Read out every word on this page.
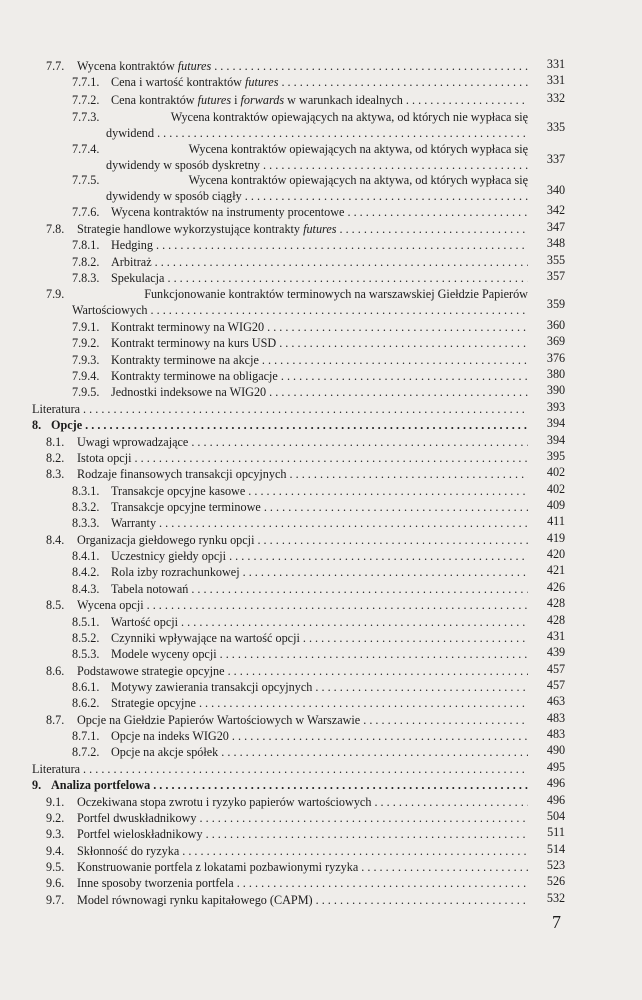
7.7.	Wycena kontraktów futures . . .	331
7.7.1. Cena i wartość kontraktów futures . . .	331
7.7.2. Cena kontraktów futures i forwards w warunkach idealnych . . .	332
7.7.3.	Wycena kontraktów opiewających na aktywa, od których nie wypłaca się
dywidend . . .	335
7.7.4.	Wycena kontraktów opiewających na aktywa, od których wypłaca się
dywidendy w sposób dyskretny . . .	337
7.7.5.	Wycena kontraktów opiewających na aktywa, od których wypłaca się
dywidendy w sposób ciągły . . .	340
7.7.6. Wycena kontraktów na instrumenty procentowe . . .	342
7.8.	Strategie handlowe wykorzystujące kontrakty futures . . .	347
7.8.1. Hedging . . .	348
7.8.2. Arbitraż . . .	355
7.8.3. Spekulacja . . .	357
7.9.	Funkcjonowanie kontraktów terminowych na warszawskiej Giełdzie Papierów
Wartościowych . . .	359
7.9.1. Kontrakt terminowy na WIG20 . . .	360
7.9.2. Kontrakt terminowy na kurs USD . . .	369
7.9.3. Kontrakty terminowe na akcje . . .	376
7.9.4. Kontrakty terminowe na obligacje . . .	380
7.9.5. Jednostki indeksowe na WIG20 . . .	390
Literatura . . .	393
8. Opcje . . .	394
8.1.	Uwagi wprowadzające . . .	394
8.2.	Istota opcji . . .	395
8.3.	Rodzaje finansowych transakcji opcyjnych . . .	402
8.3.1. Transakcje opcyjne kasowe . . .	402
8.3.2. Transakcje opcyjne terminowe . . .	409
8.3.3. Warranty . . .	411
8.4.	Organizacja giełdowego rynku opcji . . .	419
8.4.1. Uczestnicy giełdy opcji . . .	420
8.4.2. Rola izby rozrachunkowej . . .	421
8.4.3. Tabela notowań . . .	426
8.5.	Wycena opcji . . .	428
8.5.1. Wartość opcji . . .	428
8.5.2. Czynniki wpływające na wartość opcji . . .	431
8.5.3. Modele wyceny opcji . . .	439
8.6.	Podstawowe strategie opcyjne . . .	457
8.6.1. Motywy zawierania transakcji opcyjnych . . .	457
8.6.2. Strategie opcyjne . . .	463
8.7.	Opcje na Giełdzie Papierów Wartościowych w Warszawie . . .	483
8.7.1. Opcje na indeks WIG20 . . .	483
8.7.2. Opcje na akcje spółek . . .	490
Literatura . . .	495
9. Analiza portfelowa . . .	496
9.1.	Oczekiwana stopa zwrotu i ryzyko papierów wartościowych . . .	496
9.2.	Portfel dwuskładnikowy . . .	504
9.3.	Portfel wieloskładnikowy . . .	511
9.4.	Skłonność do ryzyka . . .	514
9.5.	Konstruowanie portfela z lokatami pozbawionymi ryzyka . . .	523
9.6.	Inne sposoby tworzenia portfela . . .	526
9.7.	Model równowagi rynku kapitałowego (CAPM) . . .	532
7
